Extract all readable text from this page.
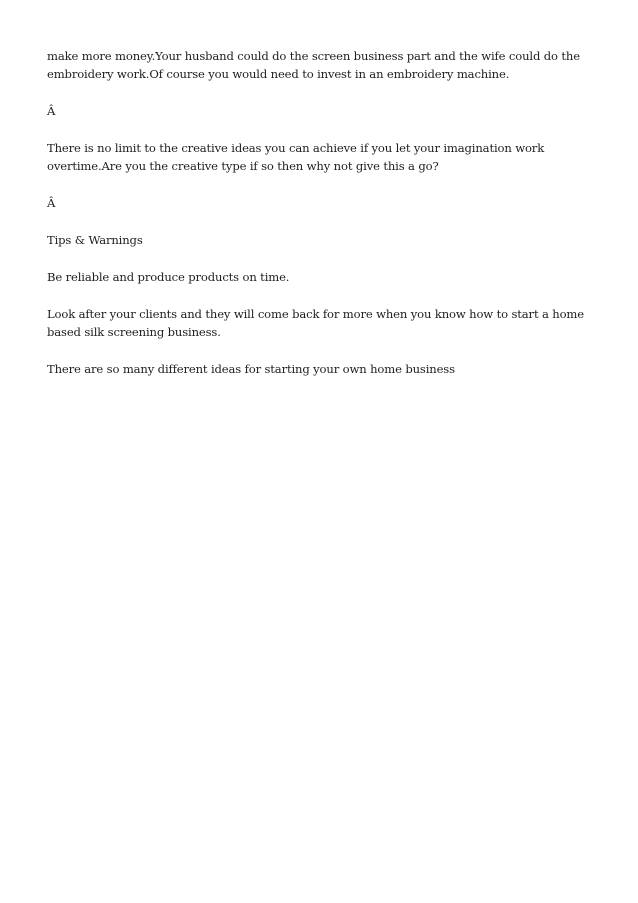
make more money.Your husband could do the screen business part and the wife could do the embroidery work.Of course you would need to invest in an embroidery machine.

Â

There is no limit to the creative ideas you can achieve if you let your imagination work overtime.Are you the creative type if so then why not give this a go?

Â

Tips & Warnings

Be reliable and produce products on time.

Look after your clients and they will come back for more when you know how to start a home based silk screening business.

There are so many different ideas for starting your own home business
